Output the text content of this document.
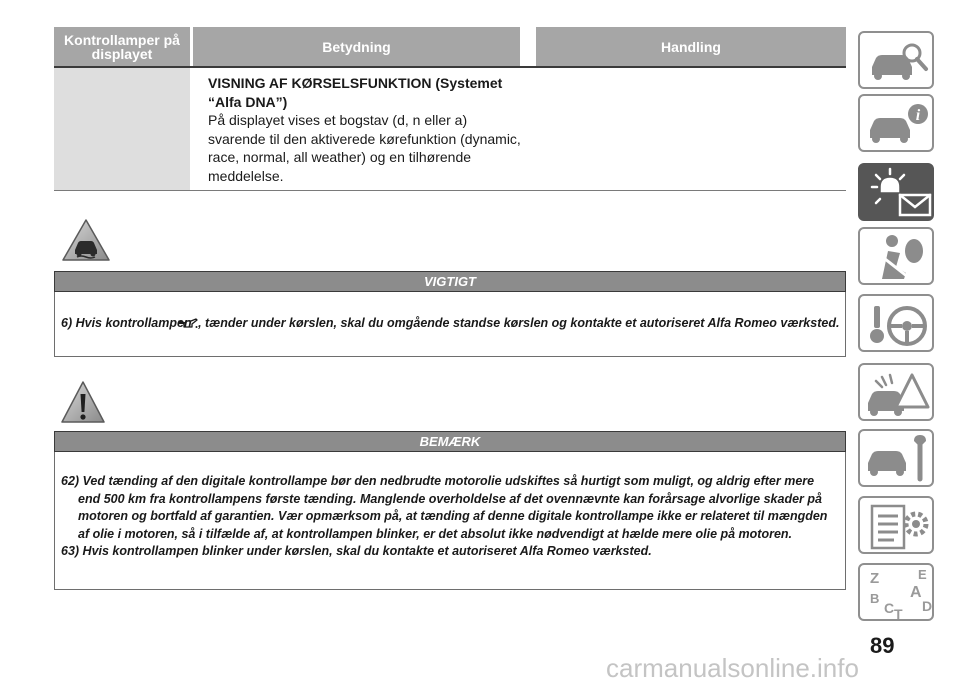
Kontrollamper på
displayet	Betydning	Handling
VISNING AF KØRSELSFUNKTION (Systemet “Alfa DNA”)
På displayet vises et bogstav (d, n eller a) svarende til den aktiverede kørefunktion (dynamic, race, normal, all weather) og en tilhørende meddelelse.
VIGTIGT

6) Hvis kontrollampen , tænder under kørslen, skal du omgående standse kørslen og kontakte et autoriseret Alfa Romeo værksted.

BEMÆRK

62) Ved tænding af den digitale kontrollampe bør den nedbrudte motorolie udskiftes så hurtigt som muligt, og aldrig efter mere end 500 km fra kontrollampens første tænding. Manglende overholdelse af det ovennævnte kan forårsage alvorlige skader på motoren og bortfald af garantien. Vær opmærksom på, at tænding af denne digitale kontrollampe ikke er relateret til mængden af olie i motoren, så i tilfælde af, at kontrollampen blinker, er det absolut ikke nødvendigt at hælde mere olie på motoren.

63) Hvis kontrollampen blinker under kørslen, skal du kontakte et autoriseret Alfa Romeo værksted.

i
Z	E
A
B
C D
T
89
carmanualsonline.info
